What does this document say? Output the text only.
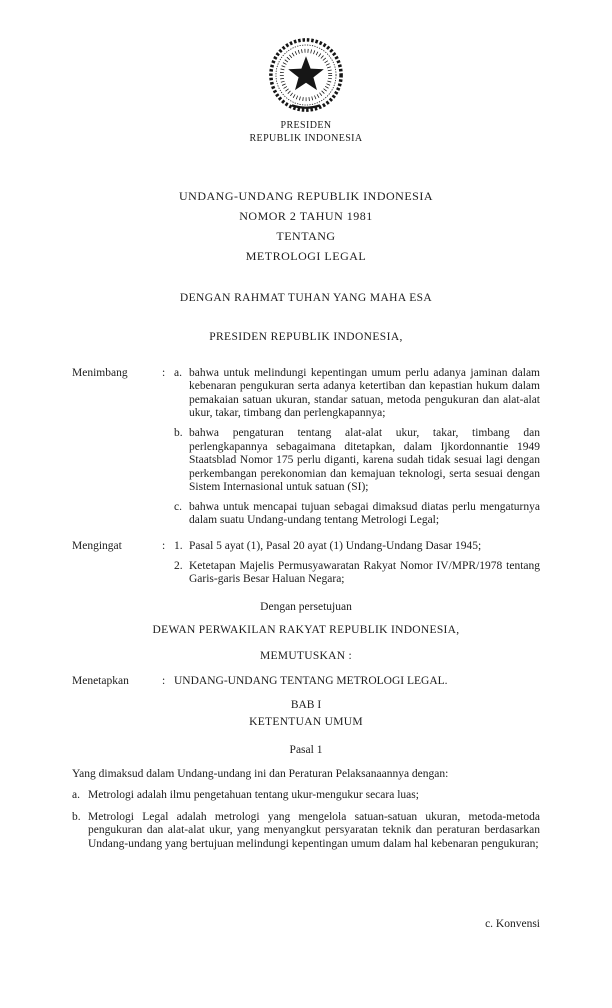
PRESIDEN
REPUBLIK INDONESIA
UNDANG-UNDANG REPUBLIK INDONESIA
NOMOR 2 TAHUN 1981
TENTANG
METROLOGI LEGAL
DENGAN RAHMAT TUHAN YANG MAHA ESA
PRESIDEN REPUBLIK INDONESIA,
Menimbang	: a. bahwa untuk melindungi kepentingan umum perlu adanya jaminan dalam kebenaran pengukuran serta adanya ketertiban dan kepastian hukum dalam pemakaian satuan ukuran, standar satuan, metoda pengukuran dan alat-alat ukur, takar, timbang dan perlengkapannya;
b. bahwa pengaturan tentang alat-alat ukur, takar, timbang dan perlengkapannya sebagaimana ditetapkan, dalam Ijkordonnantie 1949 Staatsblad Nomor 175 perlu diganti, karena sudah tidak sesuai lagi dengan perkembangan perekonomian dan kemajuan teknologi, serta sesuai dengan Sistem Internasional untuk satuan (SI);
c. bahwa untuk mencapai tujuan sebagai dimaksud diatas perlu mengaturnya dalam suatu Undang-undang tentang Metrologi Legal;
Mengingat	: 1. Pasal 5 ayat (1), Pasal 20 ayat (1) Undang-Undang Dasar 1945;
2. Ketetapan Majelis Permusyawaratan Rakyat Nomor IV/MPR/1978 tentang Garis-garis Besar Haluan Negara;
Dengan persetujuan
DEWAN PERWAKILAN RAKYAT REPUBLIK INDONESIA,
MEMUTUSKAN :
Menetapkan	: UNDANG-UNDANG TENTANG METROLOGI LEGAL.
BAB I
KETENTUAN UMUM
Pasal 1
Yang dimaksud dalam Undang-undang ini dan Peraturan Pelaksanaannya dengan:
a. Metrologi adalah ilmu pengetahuan tentang ukur-mengukur secara luas;
b. Metrologi Legal adalah metrologi yang mengelola satuan-satuan ukuran, metoda-metoda pengukuran dan alat-alat ukur, yang menyangkut persyaratan teknik dan peraturan berdasarkan Undang-undang yang bertujuan melindungi kepentingan umum dalam hal kebenaran pengukuran;
c. Konvensi
